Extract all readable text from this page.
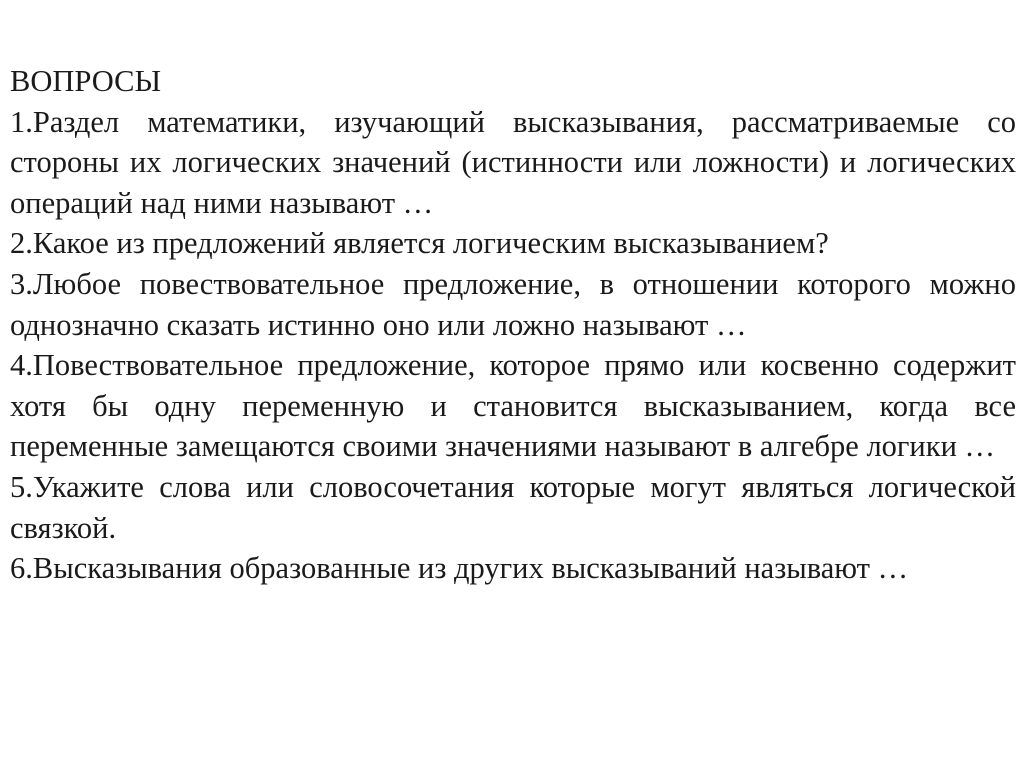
ВОПРОСЫ
1.Раздел математики, изучающий высказывания, рассматриваемые со стороны их логических значений (истинности или ложности) и логических операций над ними называют …
2.Какое из предложений является логическим высказыванием?
3.Любое повествовательное предложение, в отношении которого можно однозначно сказать истинно оно или ложно называют …
4.Повествовательное предложение, которое прямо или косвенно содержит хотя бы одну переменную и становится высказыванием, когда все переменные замещаются своими значениями называют в алгебре логики …
5.Укажите слова или словосочетания которые могут являться логической связкой.
6.Высказывания образованные из других высказываний называют …
